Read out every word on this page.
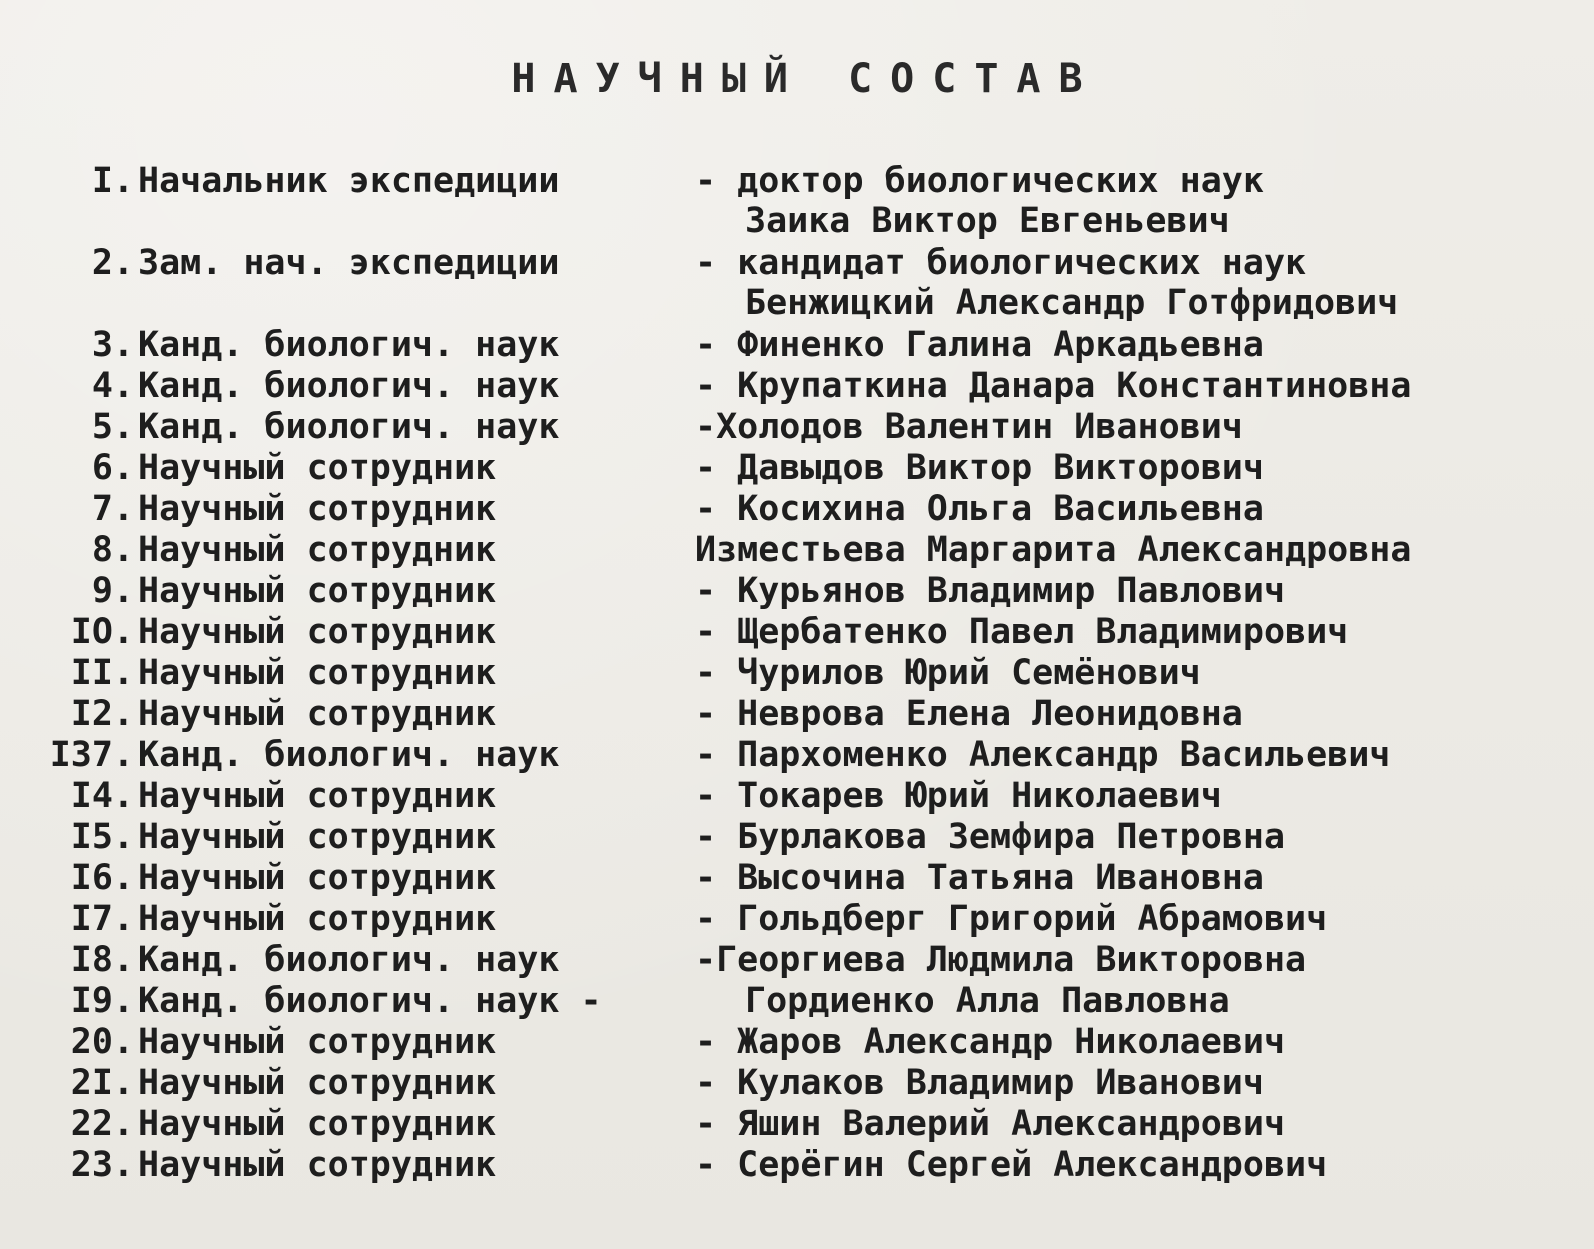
НАУЧНЫЙ СОСТАВ
I. Начальник экспедиции	- доктор биологических наук
Заика Виктор Евгеньевич
2. Зам. нач. экспедиции	- кандидат биологических наук
Бенжицкий Александр Готфридович
3. Канд. биологич. наук	- Финенко Галина Аркадьевна
4. Канд. биологич. наук	- Крупаткина Данара Константиновна
5. Канд. биологич. наук	-Холодов Валентин Иванович
6. Научный сотрудник	- Давыдов Виктор Викторович
7. Научный сотрудник	- Косихина Ольга Васильевна
8. Научный сотрудник	Изместьева Маргарита Александровна
9. Научный сотрудник	- Курьянов Владимир Павлович
IO. Научный сотрудник	- Щербатенко Павел Владимирович
II. Научный сотрудник	- Чурилов Юрий Семёнович
I2. Научный сотрудник	- Неврова Елена Леонидовна
I37. Канд. биологич. наук	- Пархоменко Александр Васильевич
I4. Научный сотрудник	- Токарев Юрий Николаевич
I5. Научный сотрудник	- Бурлакова Земфира Петровна
I6. Научный сотрудник	- Высочина Татьяна Ивановна
I7. Научный сотрудник	- Гольдберг Григорий Абрамович
I8. Канд. биологич. наук	-Георгиева Людмила Викторовна
I9. Канд. биологич. наук -	Гордиенко Алла Павловна
20. Научный сотрудник	- Жаров Александр Николаевич
2I. Научный сотрудник	- Кулаков Владимир Иванович
22. Научный сотрудник	- Яшин Валерий Александрович
23. Научный сотрудник	- Серёгин Сергей Александрович
